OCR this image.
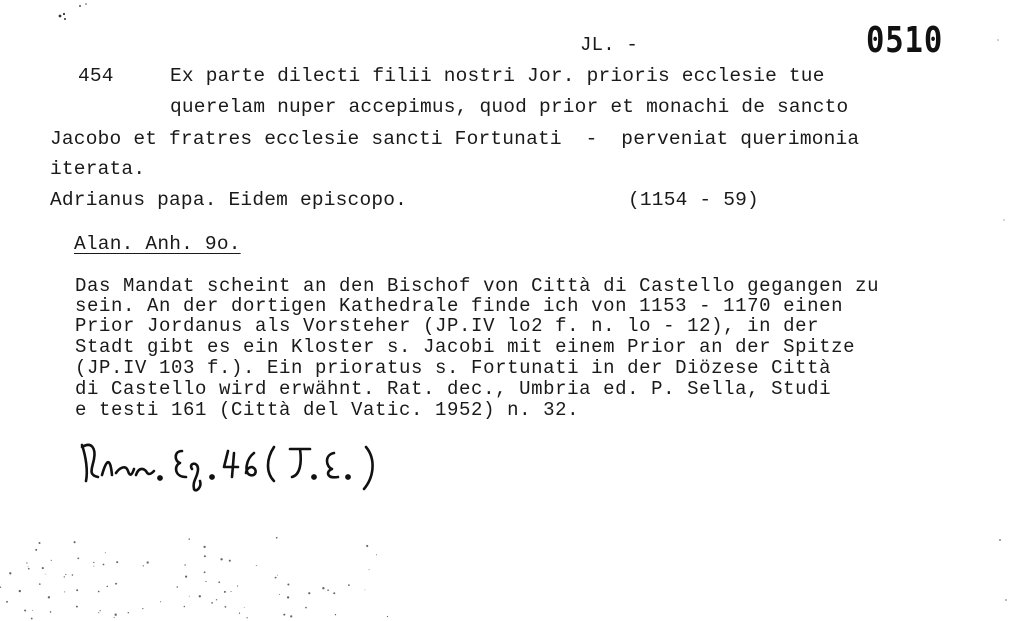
JL. -	0510
454	Ex parte dilecti filii nostri Jor. prioris ecclesie tue
querelam nuper accepimus, quod prior et monachi de sancto
Jacobo et fratres ecclesie sancti Fortunati  -  perveniat querimonia
iterata.
Adrianus papa. Eidem episcopo.	(1154 - 59)
Alan. Anh. 9o.
Das Mandat scheint an den Bischof von Città di Castello gegangen zu
sein. An der dortigen Kathedrale finde ich von 1153 - 1170 einen
Prior Jordanus als Vorsteher (JP.IV lo2 f. n. lo - 12), in der
Stadt gibt es ein Kloster s. Jacobi mit einem Prior an der Spitze
(JP.IV 103 f.). Ein prioratus s. Fortunati in der Diözese Città
di Castello wird erwähnt. Rat. dec., Umbria ed. P. Sella, Studi
e testi 161 (Città del Vatic. 1952) n. 32.
